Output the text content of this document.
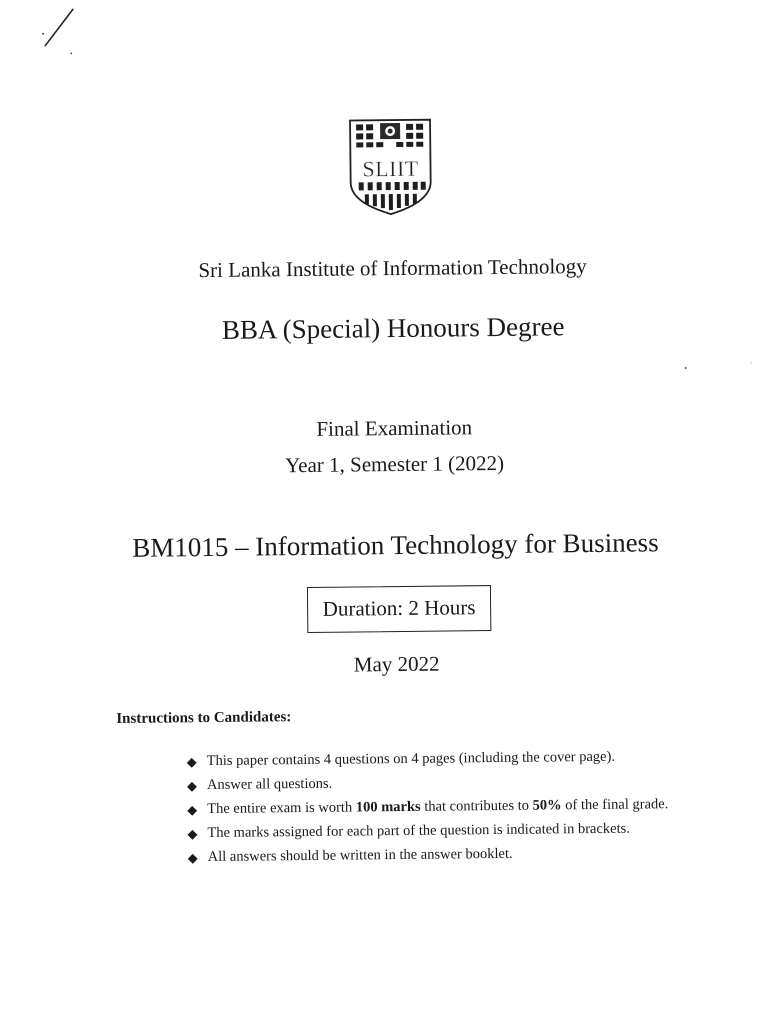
SLIIT
Sri Lanka Institute of Information Technology
BBA (Special) Honours Degree
Final Examination
Year 1, Semester 1 (2022)
BM1015 – Information Technology for Business
Duration: 2 Hours
May 2022
Instructions to Candidates:
◆ This paper contains 4 questions on 4 pages (including the cover page).
◆ Answer all questions.
◆ The entire exam is worth 100 marks that contributes to 50% of the final grade.
◆ The marks assigned for each part of the question is indicated in brackets.
◆ All answers should be written in the answer booklet.
